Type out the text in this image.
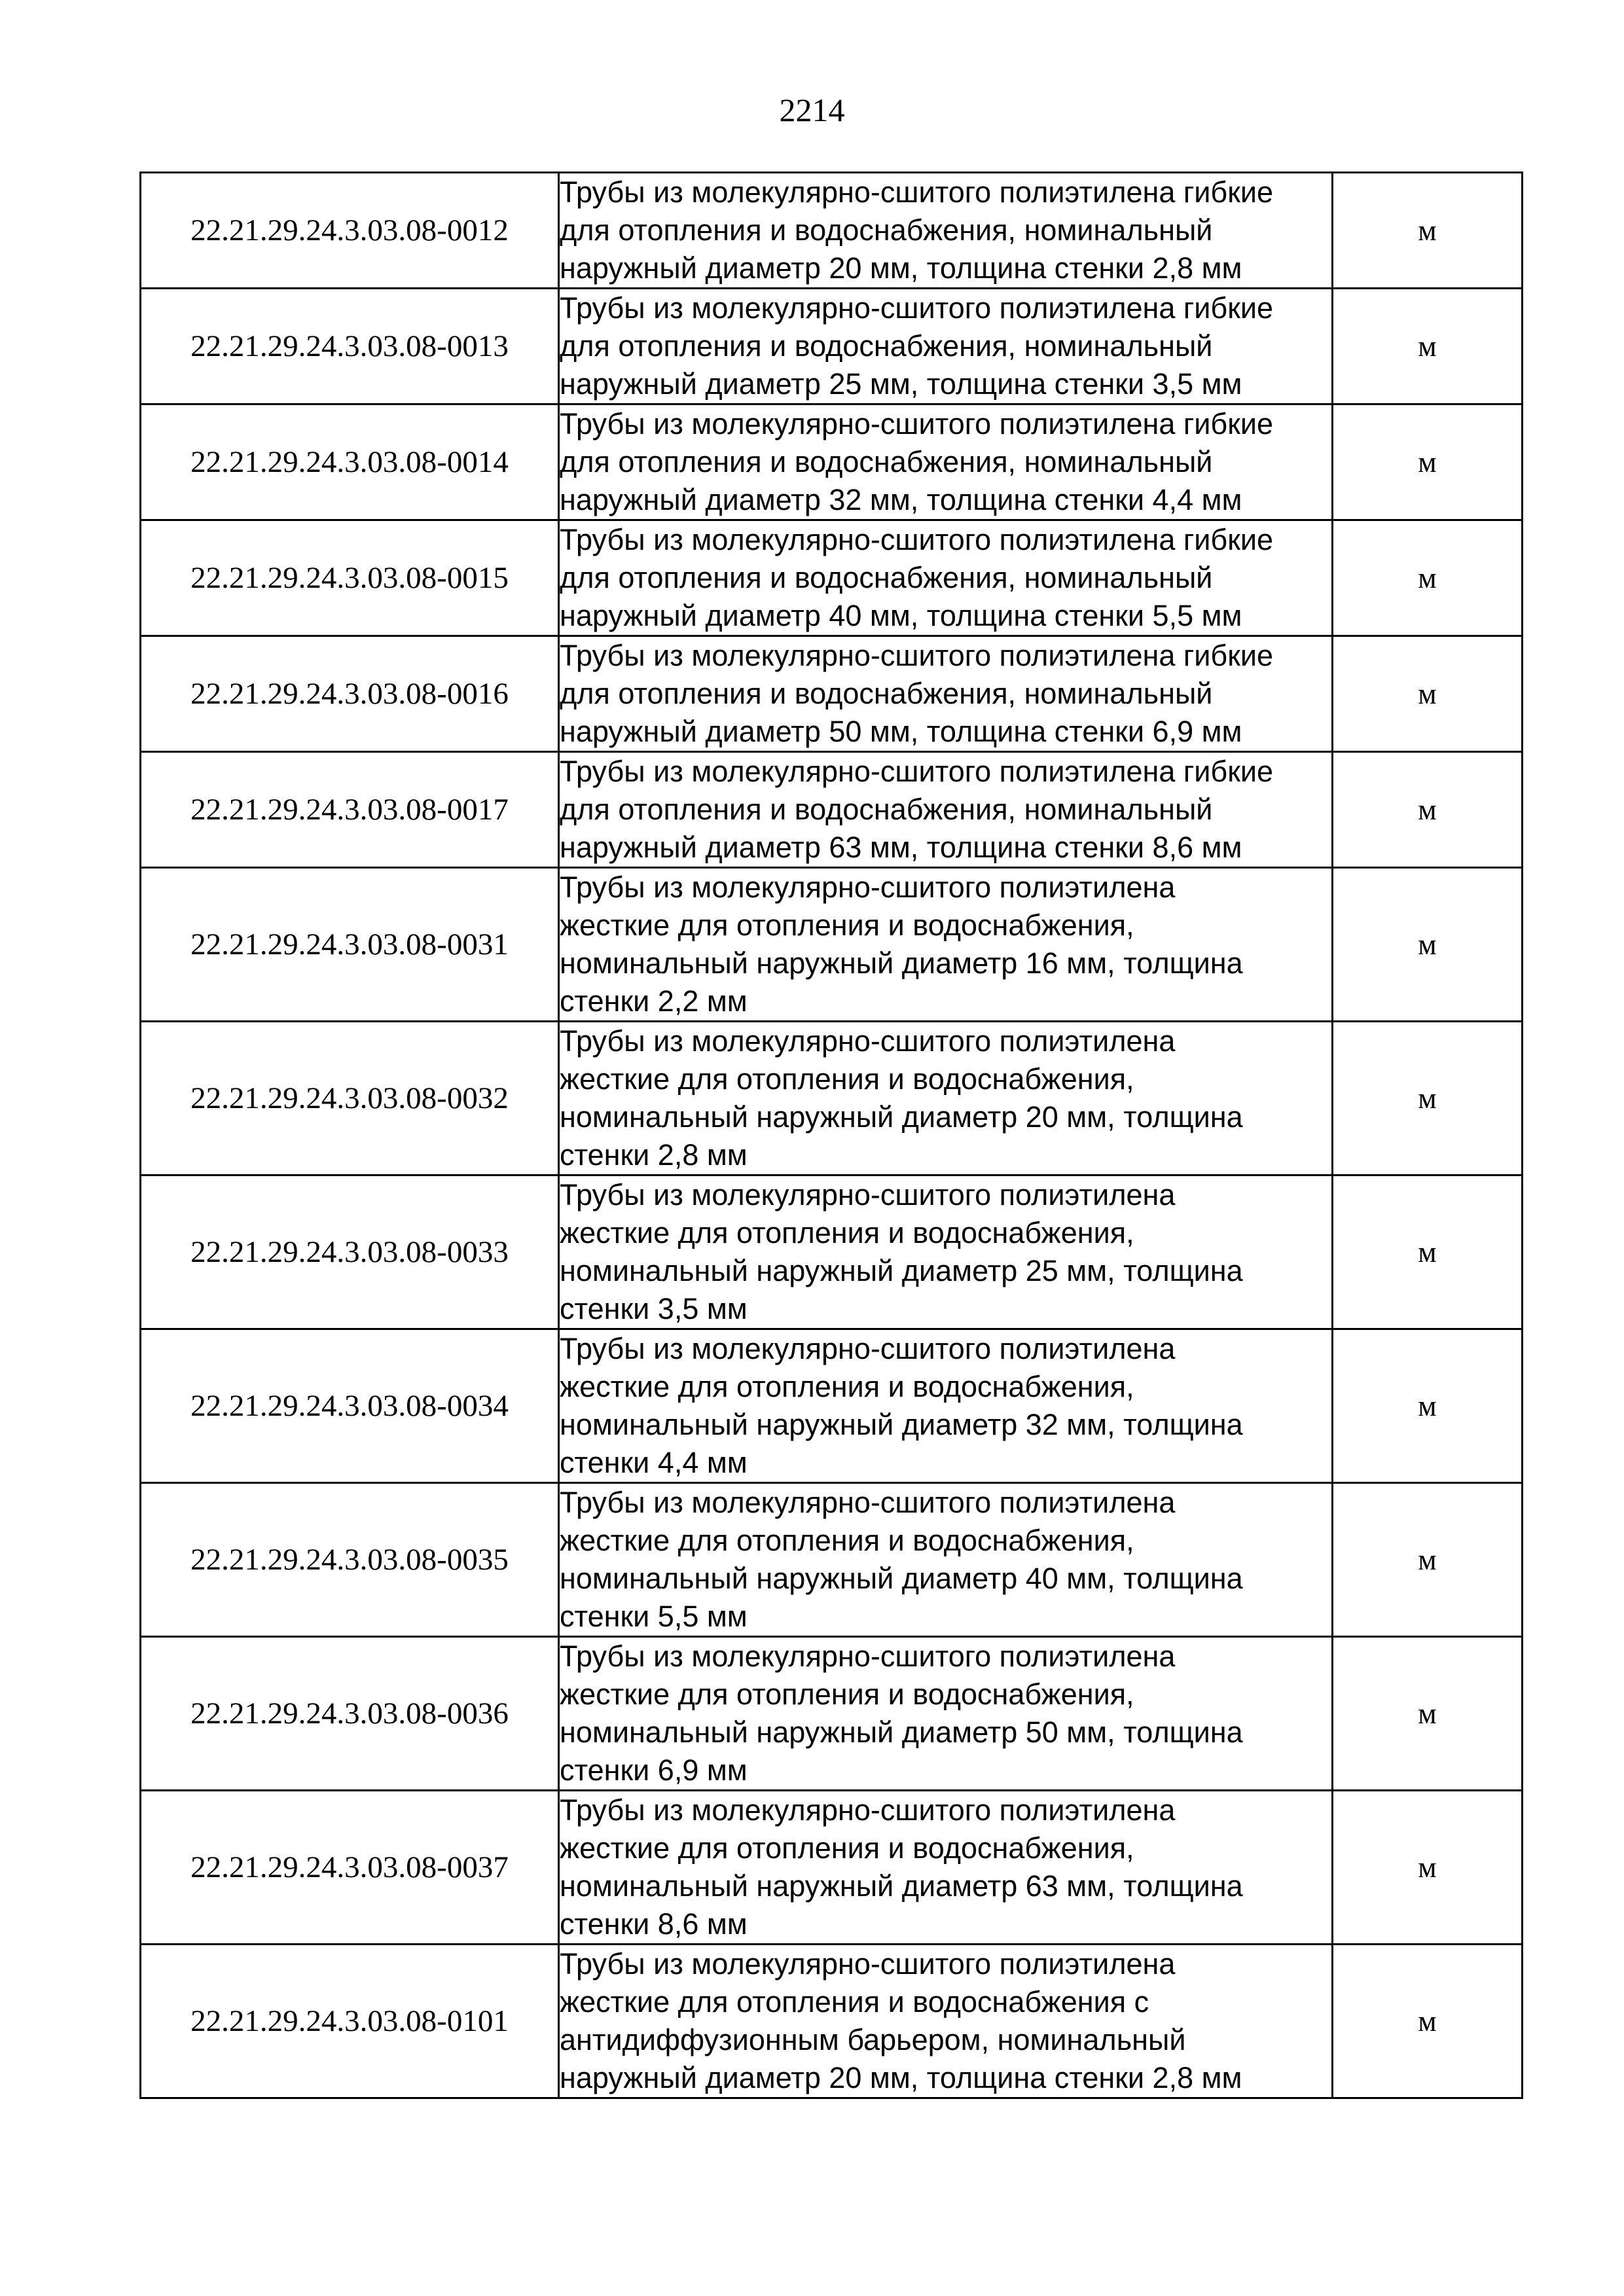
2214
22.21.29.24.3.03.08-0012	Трубы из молекулярно-сшитого полиэтилена гибкие
для отопления и водоснабжения, номинальный
наружный диаметр 20 мм, толщина стенки 2,8 мм	м
22.21.29.24.3.03.08-0013	Трубы из молекулярно-сшитого полиэтилена гибкие
для отопления и водоснабжения, номинальный
наружный диаметр 25 мм, толщина стенки 3,5 мм	м
22.21.29.24.3.03.08-0014	Трубы из молекулярно-сшитого полиэтилена гибкие
для отопления и водоснабжения, номинальный
наружный диаметр 32 мм, толщина стенки 4,4 мм	м
22.21.29.24.3.03.08-0015	Трубы из молекулярно-сшитого полиэтилена гибкие
для отопления и водоснабжения, номинальный
наружный диаметр 40 мм, толщина стенки 5,5 мм	м
22.21.29.24.3.03.08-0016	Трубы из молекулярно-сшитого полиэтилена гибкие
для отопления и водоснабжения, номинальный
наружный диаметр 50 мм, толщина стенки 6,9 мм	м
22.21.29.24.3.03.08-0017	Трубы из молекулярно-сшитого полиэтилена гибкие
для отопления и водоснабжения, номинальный
наружный диаметр 63 мм, толщина стенки 8,6 мм	м
22.21.29.24.3.03.08-0031	Трубы из молекулярно-сшитого полиэтилена
жесткие для отопления и водоснабжения,
номинальный наружный диаметр 16 мм, толщина
стенки 2,2 мм	м
22.21.29.24.3.03.08-0032	Трубы из молекулярно-сшитого полиэтилена
жесткие для отопления и водоснабжения,
номинальный наружный диаметр 20 мм, толщина
стенки 2,8 мм	м
22.21.29.24.3.03.08-0033	Трубы из молекулярно-сшитого полиэтилена
жесткие для отопления и водоснабжения,
номинальный наружный диаметр 25 мм, толщина
стенки 3,5 мм	м
22.21.29.24.3.03.08-0034	Трубы из молекулярно-сшитого полиэтилена
жесткие для отопления и водоснабжения,
номинальный наружный диаметр 32 мм, толщина
стенки 4,4 мм	м
22.21.29.24.3.03.08-0035	Трубы из молекулярно-сшитого полиэтилена
жесткие для отопления и водоснабжения,
номинальный наружный диаметр 40 мм, толщина
стенки 5,5 мм	м
22.21.29.24.3.03.08-0036	Трубы из молекулярно-сшитого полиэтилена
жесткие для отопления и водоснабжения,
номинальный наружный диаметр 50 мм, толщина
стенки 6,9 мм	м
22.21.29.24.3.03.08-0037	Трубы из молекулярно-сшитого полиэтилена
жесткие для отопления и водоснабжения,
номинальный наружный диаметр 63 мм, толщина
стенки 8,6 мм	м
22.21.29.24.3.03.08-0101	Трубы из молекулярно-сшитого полиэтилена
жесткие для отопления и водоснабжения с
антидиффузионным барьером, номинальный
наружный диаметр 20 мм, толщина стенки 2,8 мм	м
